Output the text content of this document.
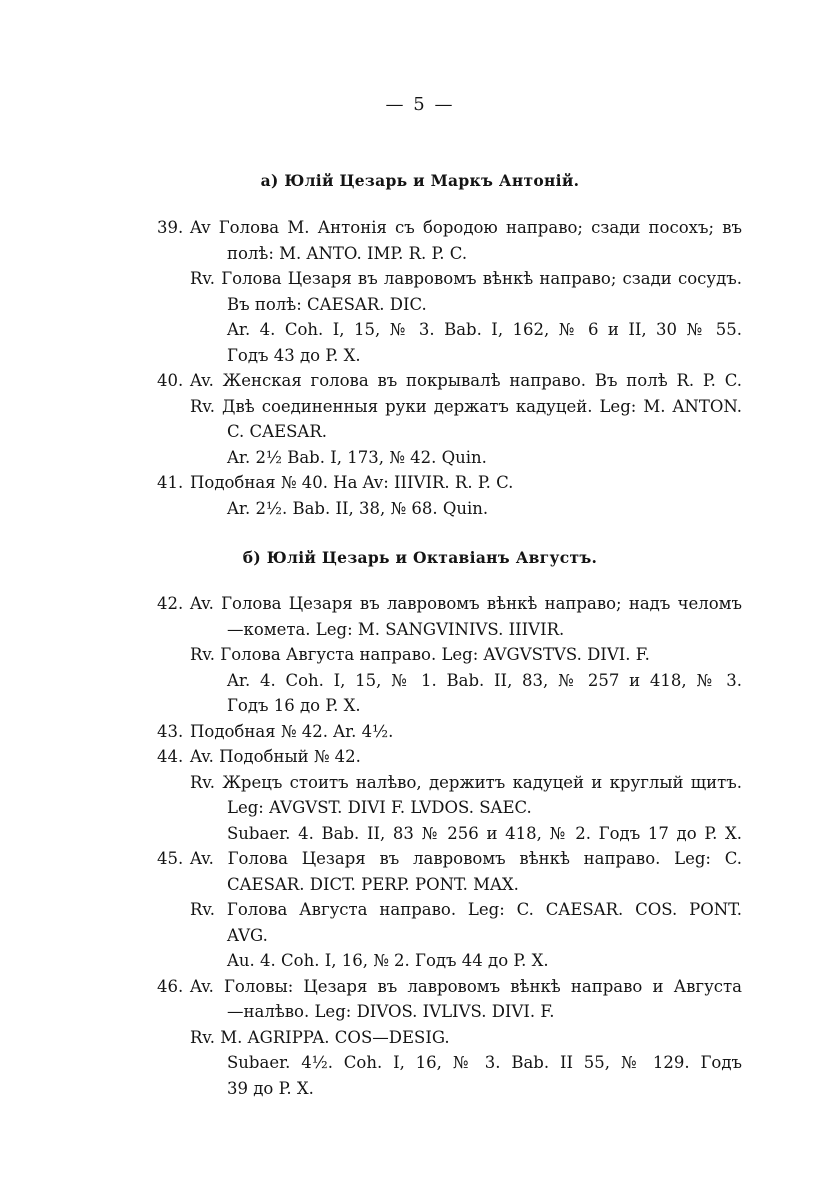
— 5 —
а) Юлій Цезарь и Маркъ Антоній.
39. Av Голова M. Антонія съ бородою направо; сзади посохъ; въ
полѣ: M. ANTO. IMP. R. P. C.
Rv. Голова Цезаря въ лавровомъ вѣнкѣ направо; сзади сосудъ.
Въ полѣ: CAESAR. DIC.
Ar. 4. Coh. I, 15, № 3. Bab. I, 162, № 6 и II, 30 № 55.
Годъ 43 до P. X.
40. Av. Женская голова въ покрывалѣ направо. Въ полѣ R. P. C.
Rv. Двѣ соединенныя руки держатъ кадуцей. Leg: M. ANTON.
C. CAESAR.
Ar. 2½ Bab. I, 173, № 42. Quin.
41. Подобная № 40. На Av: IIIVIR. R. P. C.
Ar. 2½. Bab. II, 38, № 68. Quin.
б) Юлій Цезарь и Октавіанъ Августъ.
42. Av. Голова Цезаря въ лавровомъ вѣнкѣ направо; надъ челомъ
—комета. Leg: M. SANGVINIVS. IIIVIR.
Rv. Голова Августа направо. Leg: AVGVSTVS. DIVI. F.
Ar. 4. Coh. I, 15, № 1. Bab. II, 83, № 257 и 418, № 3.
Годъ 16 до P. X.
43. Подобная № 42. Ar. 4½.
44. Av. Подобный № 42.
Rv. Жрецъ стоитъ налѣво, держитъ кадуцей и круглый щитъ.
Leg: AVGVST. DIVI F. LVDOS. SAEC.
Subaer. 4. Bab. II, 83 № 256 и 418, № 2. Годъ 17 до P. X.
45. Av. Голова Цезаря въ лавровомъ вѣнкѣ направо. Leg: C.
CAESAR. DICT. PERP. PONT. MAX.
Rv. Голова Августа направо. Leg: C. CAESAR. COS. PONT.
AVG.
Au. 4. Coh. I, 16, № 2. Годъ 44 до P. X.
46. Av. Головы: Цезаря въ лавровомъ вѣнкѣ направо и Августа
—налѣво. Leg: DIVOS. IVLIVS. DIVI. F.
Rv. M. AGRIPPA. COS—DESIG.
Subaer. 4½. Coh. I, 16, № 3. Bab. II 55, № 129. Годъ
39 до P. X.
